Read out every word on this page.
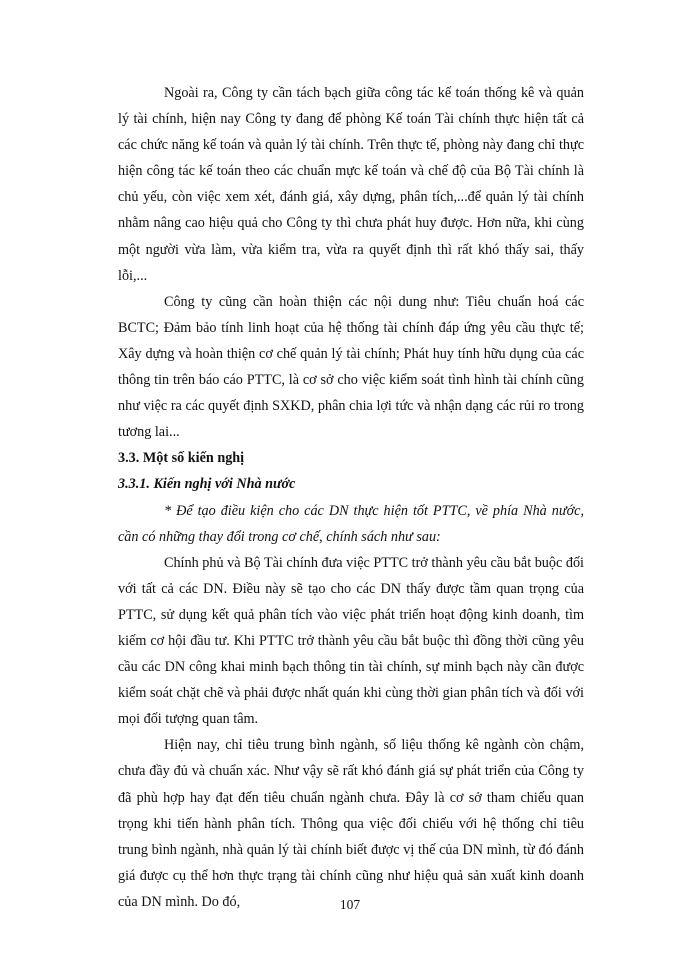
Ngoài ra, Công ty cần tách bạch giữa công tác kế toán thống kê và quản lý tài chính, hiện nay Công ty đang để phòng Kế toán Tài chính thực hiện tất cả các chức năng kế toán và quản lý tài chính. Trên thực tế, phòng này đang chỉ thực hiện công tác kế toán theo các chuẩn mực kế toán và chế độ của Bộ Tài chính là chủ yếu, còn việc xem xét, đánh giá, xây dựng, phân tích,...để quản lý tài chính nhằm nâng cao hiệu quả cho Công ty thì chưa phát huy được. Hơn nữa, khi cùng một người vừa làm, vừa kiểm tra, vừa ra quyết định thì rất khó thấy sai, thấy lỗi,...

Công ty cũng cần hoàn thiện các nội dung như: Tiêu chuẩn hoá các BCTC; Đảm bảo tính linh hoạt của hệ thống tài chính đáp ứng yêu cầu thực tế; Xây dựng và hoàn thiện cơ chế quản lý tài chính; Phát huy tính hữu dụng của các thông tin trên báo cáo PTTC, là cơ sở cho việc kiểm soát tình hình tài chính cũng như việc ra các quyết định SXKD, phân chia lợi tức và nhận dạng các rủi ro trong tương lai...

3.3. Một số kiến nghị

3.3.1. Kiến nghị với Nhà nước

* Để tạo điều kiện cho các DN thực hiện tốt PTTC, về phía Nhà nước, cần có những thay đổi trong cơ chế, chính sách như sau:

Chính phủ và Bộ Tài chính đưa việc PTTC trở thành yêu cầu bắt buộc đối với tất cả các DN. Điều này sẽ tạo cho các DN thấy được tầm quan trọng của PTTC, sử dụng kết quả phân tích vào việc phát triển hoạt động kinh doanh, tìm kiếm cơ hội đầu tư. Khi PTTC trở thành yêu cầu bắt buộc thì đồng thời cũng yêu cầu các DN công khai minh bạch thông tin tài chính, sự minh bạch này cần được kiểm soát chặt chẽ và phải được nhất quán khi cùng thời gian phân tích và đối với mọi đối tượng quan tâm.

Hiện nay, chỉ tiêu trung bình ngành, số liệu thống kê ngành còn chậm, chưa đầy đủ và chuẩn xác. Như vậy sẽ rất khó đánh giá sự phát triển của Công ty đã phù hợp hay đạt đến tiêu chuẩn ngành chưa. Đây là cơ sở tham chiếu quan trọng khi tiến hành phân tích. Thông qua việc đối chiếu với hệ thống chỉ tiêu trung bình ngành, nhà quản lý tài chính biết được vị thế của DN mình, từ đó đánh giá được cụ thể hơn thực trạng tài chính cũng như hiệu quả sản xuất kinh doanh của DN mình. Do đó,	107
